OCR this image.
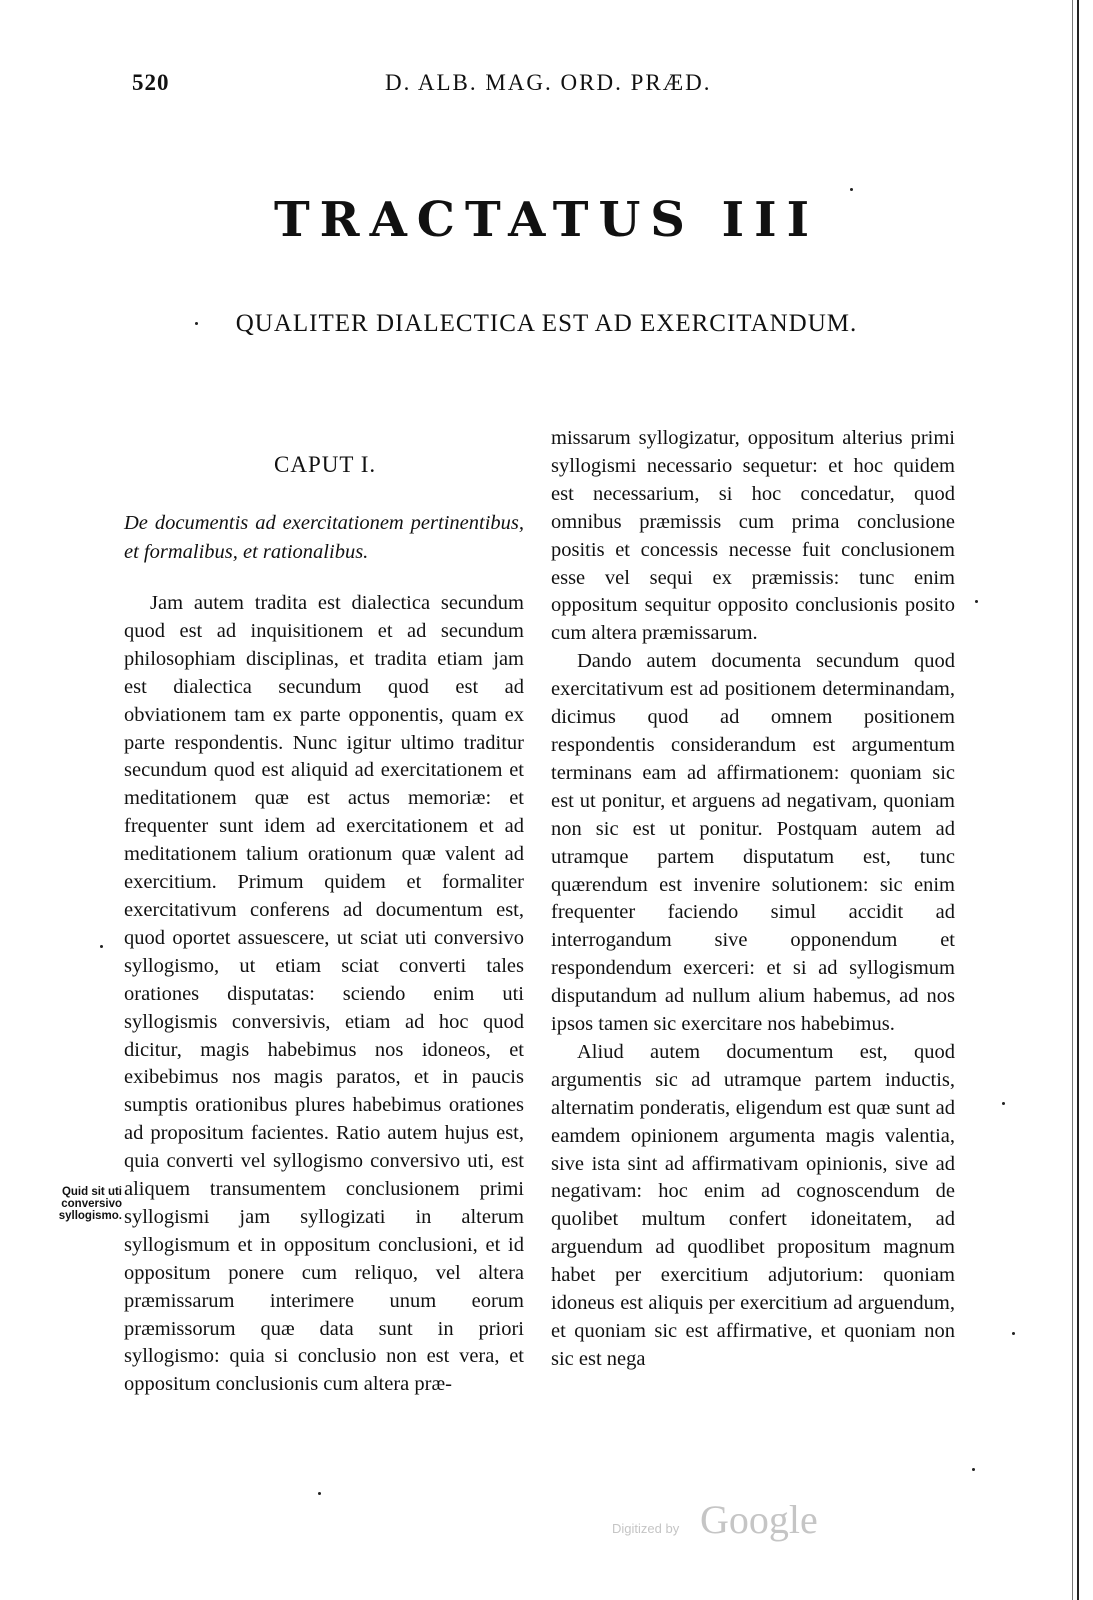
520	D. ALB. MAG. ORD. PRÆD.
TRACTATUS III
QUALITER DIALECTICA EST AD EXERCITANDUM.
CAPUT I.
De documentis ad exercitationem pertinentibus, et formalibus, et rationalibus.
Quid sit uti conversivo syllogismo.

Jam autem tradita est dialectica secundum quod est ad inquisitionem et ad secundum philosophiam disciplinas, et tradita etiam jam est dialectica secundum quod est ad obviationem tam ex parte opponentis, quam ex parte respondentis. Nunc igitur ultimo traditur secundum quod est aliquid ad exercitationem et meditationem quæ est actus memoriæ: et frequenter sunt idem ad exercitationem et ad meditationem talium orationum quæ valent ad exercitium. Primum quidem et formaliter exercitativum conferens ad documentum est, quod oportet assuescere, ut sciat uti conversivo syllogismo, ut etiam sciat converti tales orationes disputatas: sciendo enim uti syllogismis conversivis, etiam ad hoc quod dicitur, magis habebimus nos idoneos, et exibebimus nos magis paratos, et in paucis sumptis orationibus plures habebimus orationes ad propositum facientes. Ratio autem hujus est, quia converti vel syllogismo conversivo uti, est aliquem transumentem conclusionem primi syllogismi jam syllogizati in alterum syllogismum et in oppositum conclusioni, et id oppositum ponere cum reliquo, vel altera præmissarum interimere unum eorum præmissorum quæ data sunt in priori syllogismo: quia si conclusio non est vera, et oppositum conclusionis cum altera præ-

missarum syllogizatur, oppositum alterius primi syllogismi necessario sequetur: et hoc quidem est necessarium, si hoc concedatur, quod omnibus præmissis cum prima conclusione positis et concessis necesse fuit conclusionem esse vel sequi ex præmissis: tunc enim oppositum sequitur opposito conclusionis posito cum altera præmissarum.

Dando autem documenta secundum quod exercitativum est ad positionem determinandam, dicimus quod ad omnem positionem respondentis considerandum est argumentum terminans eam ad affirmationem: quoniam sic est ut ponitur, et arguens ad negativam, quoniam non sic est ut ponitur. Postquam autem ad utramque partem disputatum est, tunc quærendum est invenire solutionem: sic enim frequenter faciendo simul accidit ad interrogandum sive opponendum et respondendum exerceri: et si ad syllogismum disputandum ad nullum alium habemus, ad nos ipsos tamen sic exercitare nos habebimus.

Aliud autem documentum est, quod argumentis sic ad utramque partem inductis, alternatim ponderatis, eligendum est quæ sunt ad eamdem opinionem argumenta magis valentia, sive ista sint ad affirmativam opinionis, sive ad negativam: hoc enim ad cognoscendum de quolibet multum confert idoneitatem, ad arguendum ad quodlibet propositum magnum habet per exercitium adjutorium: quoniam idoneus est aliquis per exercitium ad arguendum, et quoniam sic est affirmative, et quoniam non sic est nega

Digitized by Google
